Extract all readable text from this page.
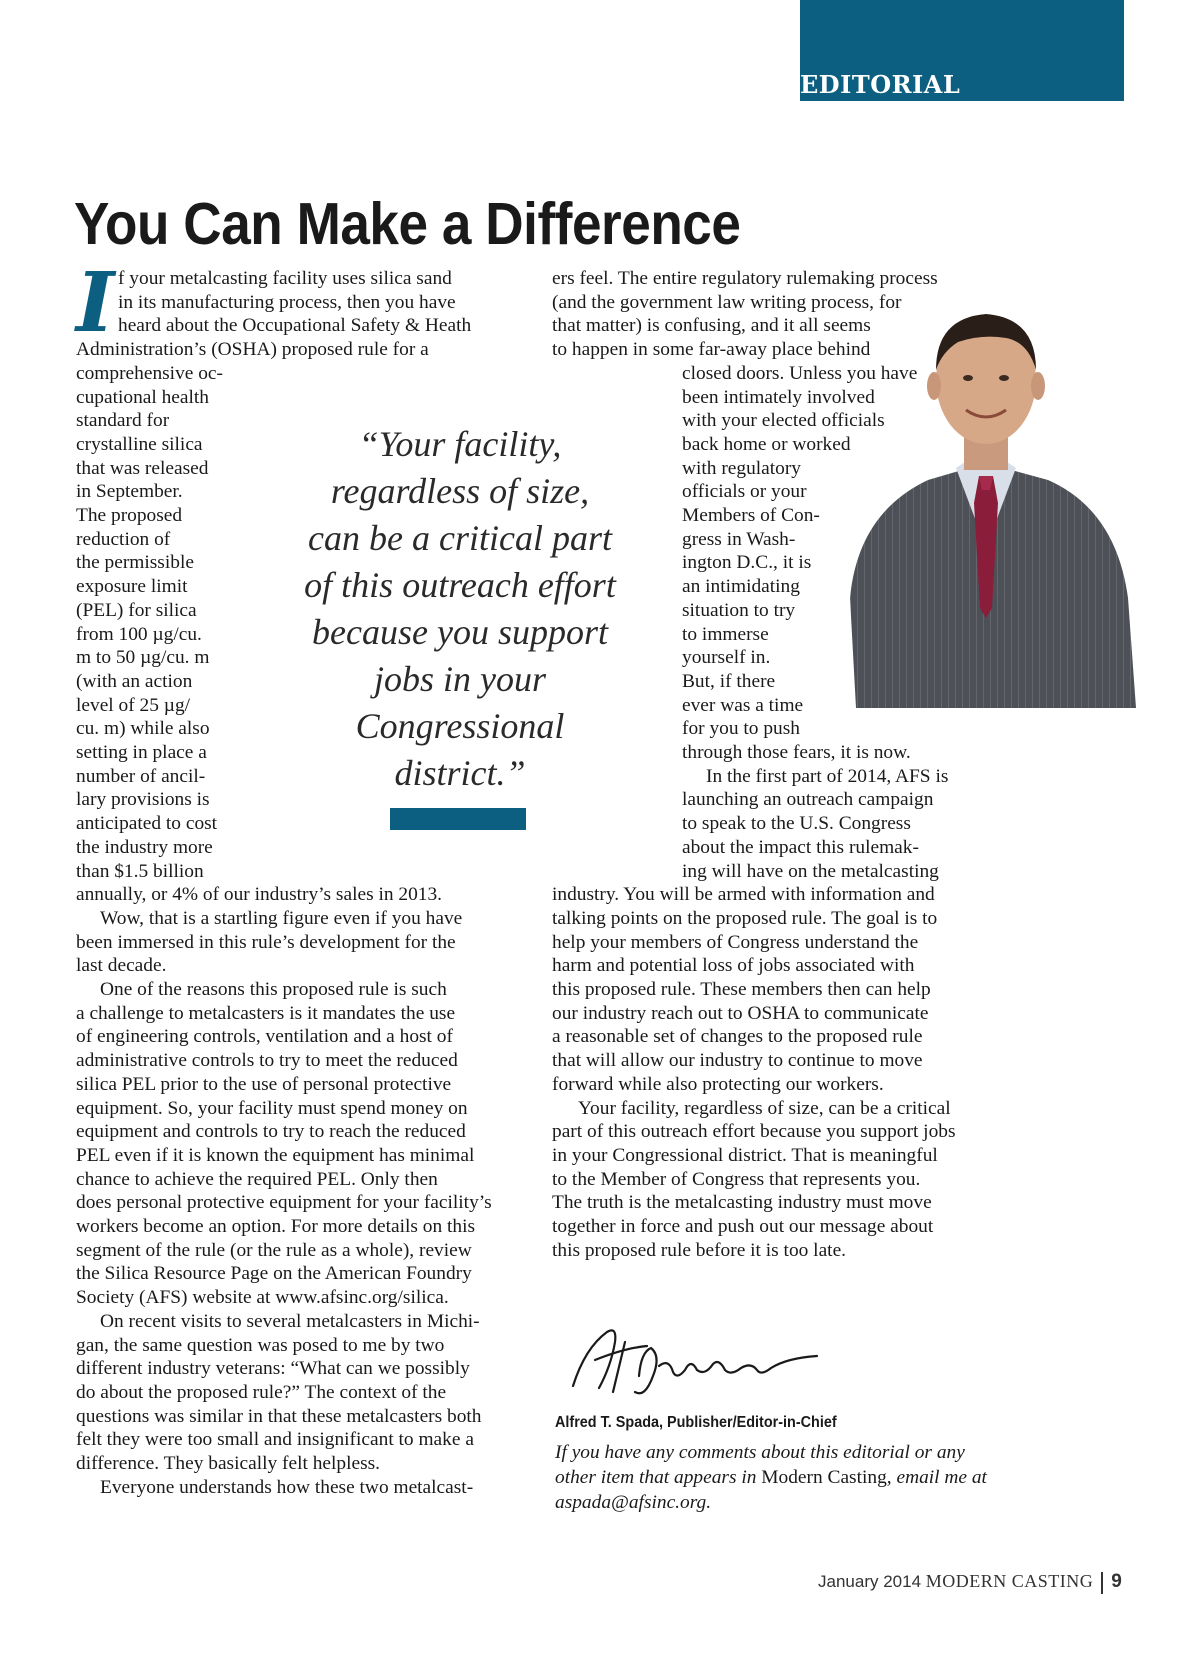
EDITORIAL
You Can Make a Difference
I f your metalcasting facility uses silica sand
in its manufacturing process, then you have
heard about the Occupational Safety & Heath
Administration’s (OSHA) proposed rule for a
comprehensive oc-
cupational health
standard for
crystalline silica
that was released
in September.
The proposed
reduction of
the permissible
exposure limit
(PEL) for silica
from 100 µg/cu.
m to 50 µg/cu. m
(with an action
level of 25 µg/
cu. m) while also
setting in place a
number of ancil-
lary provisions is
anticipated to cost
the industry more
than $1.5 billion
annually, or 4% of our industry’s sales in 2013.
Wow, that is a startling figure even if you have
been immersed in this rule’s development for the
last decade.
One of the reasons this proposed rule is such
a challenge to metalcasters is it mandates the use
of engineering controls, ventilation and a host of
administrative controls to try to meet the reduced
silica PEL prior to the use of personal protective
equipment. So, your facility must spend money on
equipment and controls to try to reach the reduced
PEL even if it is known the equipment has minimal
chance to achieve the required PEL. Only then
does personal protective equipment for your facility’s
workers become an option. For more details on this
segment of the rule (or the rule as a whole), review
the Silica Resource Page on the American Foundry
Society (AFS) website at www.afsinc.org/silica.
On recent visits to several metalcasters in Michi-
gan, the same question was posed to me by two
different industry veterans: “What can we possibly
do about the proposed rule?” The context of the
questions was similar in that these metalcasters both
felt they were too small and insignificant to make a
difference. They basically felt helpless.
Everyone understands how these two metalcast-
ers feel. The entire regulatory rulemaking process
(and the government law writing process, for
that matter) is confusing, and it all seems
to happen in some far-away place behind
closed doors. Unless you have
been intimately involved
with your elected officials
back home or worked
with regulatory
officials or your
Members of Con-
gress in Wash-
ington D.C., it is
an intimidating
situation to try
to immerse
yourself in.
But, if there
ever was a time
for you to push
through those fears, it is now.
In the first part of 2014, AFS is
launching an outreach campaign
to speak to the U.S. Congress
about the impact this rulemak-
ing will have on the metalcasting
industry. You will be armed with information and
talking points on the proposed rule. The goal is to
help your members of Congress understand the
harm and potential loss of jobs associated with
this proposed rule. These members then can help
our industry reach out to OSHA to communicate
a reasonable set of changes to the proposed rule
that will allow our industry to continue to move
forward while also protecting our workers.
Your facility, regardless of size, can be a critical
part of this outreach effort because you support jobs
in your Congressional district. That is meaningful
to the Member of Congress that represents you.
The truth is the metalcasting industry must move
together in force and push out our message about
this proposed rule before it is too late.
“Your facility,
regardless of size,
can be a critical part
of this outreach effort
because you support
jobs in your
Congressional
district.”
Alfred T. Spada, Publisher/Editor-in-Chief
If you have any comments about this editorial or any
other item that appears in Modern Casting, email me at
aspada@afsinc.org.
January 2014 MODERN CASTING 9
